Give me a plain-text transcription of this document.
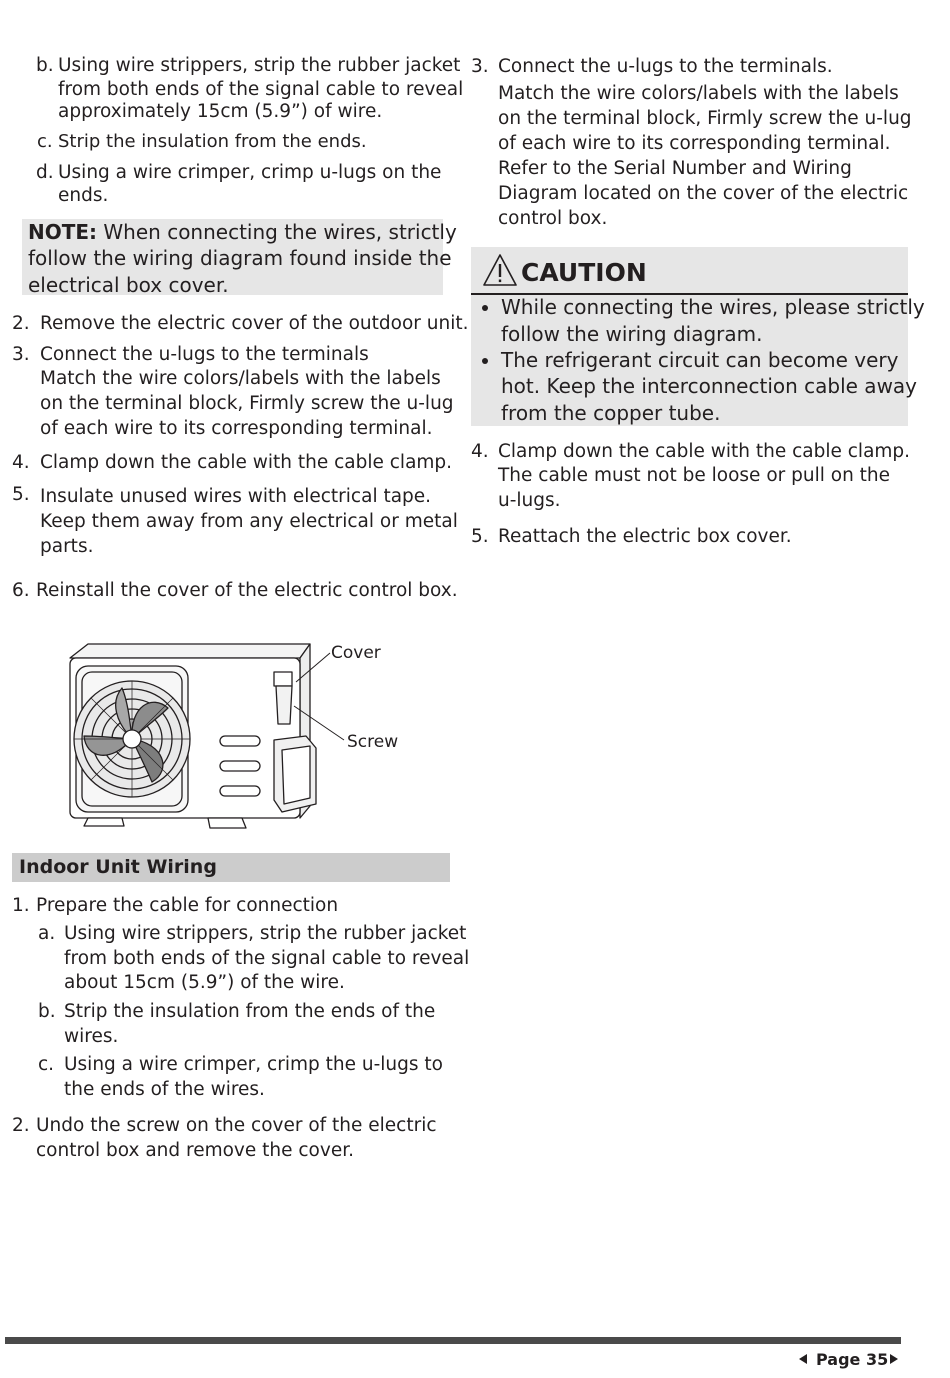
b. Using wire strippers, strip the rubber jacket
from both ends of the signal cable to reveal
approximately 15cm (5.9”) of wire.
c. Strip the insulation from the ends.
d. Using a wire crimper, crimp u-lugs on the
ends.
NOTE: When connecting the wires, strictly
follow the wiring diagram found inside the
electrical box cover.
2. Remove the electric cover of the outdoor unit.
3. Connect the u-lugs to the terminals
Match the wire colors/labels with the labels
on the terminal block, Firmly screw the u-lug
of each wire to its corresponding terminal.
4. Clamp down the cable with the cable clamp.
5. Insulate unused wires with electrical tape.
Keep them away from any electrical or metal
parts.
6. Reinstall the cover of the electric control box.
Cover
Screw
Indoor Unit Wiring
1. Prepare the cable for connection
a. Using wire strippers, strip the rubber jacket
from both ends of the signal cable to reveal
about 15cm (5.9”) of the wire.
b. Strip the insulation from the ends of the
wires.
c. Using a wire crimper, crimp the u-lugs to
the ends of the wires.
2. Undo the screw on the cover of the electric
control box and remove the cover.
3. Connect the u-lugs to the terminals.
Match the wire colors/labels with the labels
on the terminal block, Firmly screw the u-lug
of each wire to its corresponding terminal.
Refer to the Serial Number and Wiring
Diagram located on the cover of the electric
control box.
CAUTION
While connecting the wires, please strictly
follow the wiring diagram.
The refrigerant circuit can become very
hot. Keep the interconnection cable away
from the copper tube.
4. Clamp down the cable with the cable clamp.
The cable must not be loose or pull on the
u-lugs.
5. Reattach the electric box cover.
Page 35
